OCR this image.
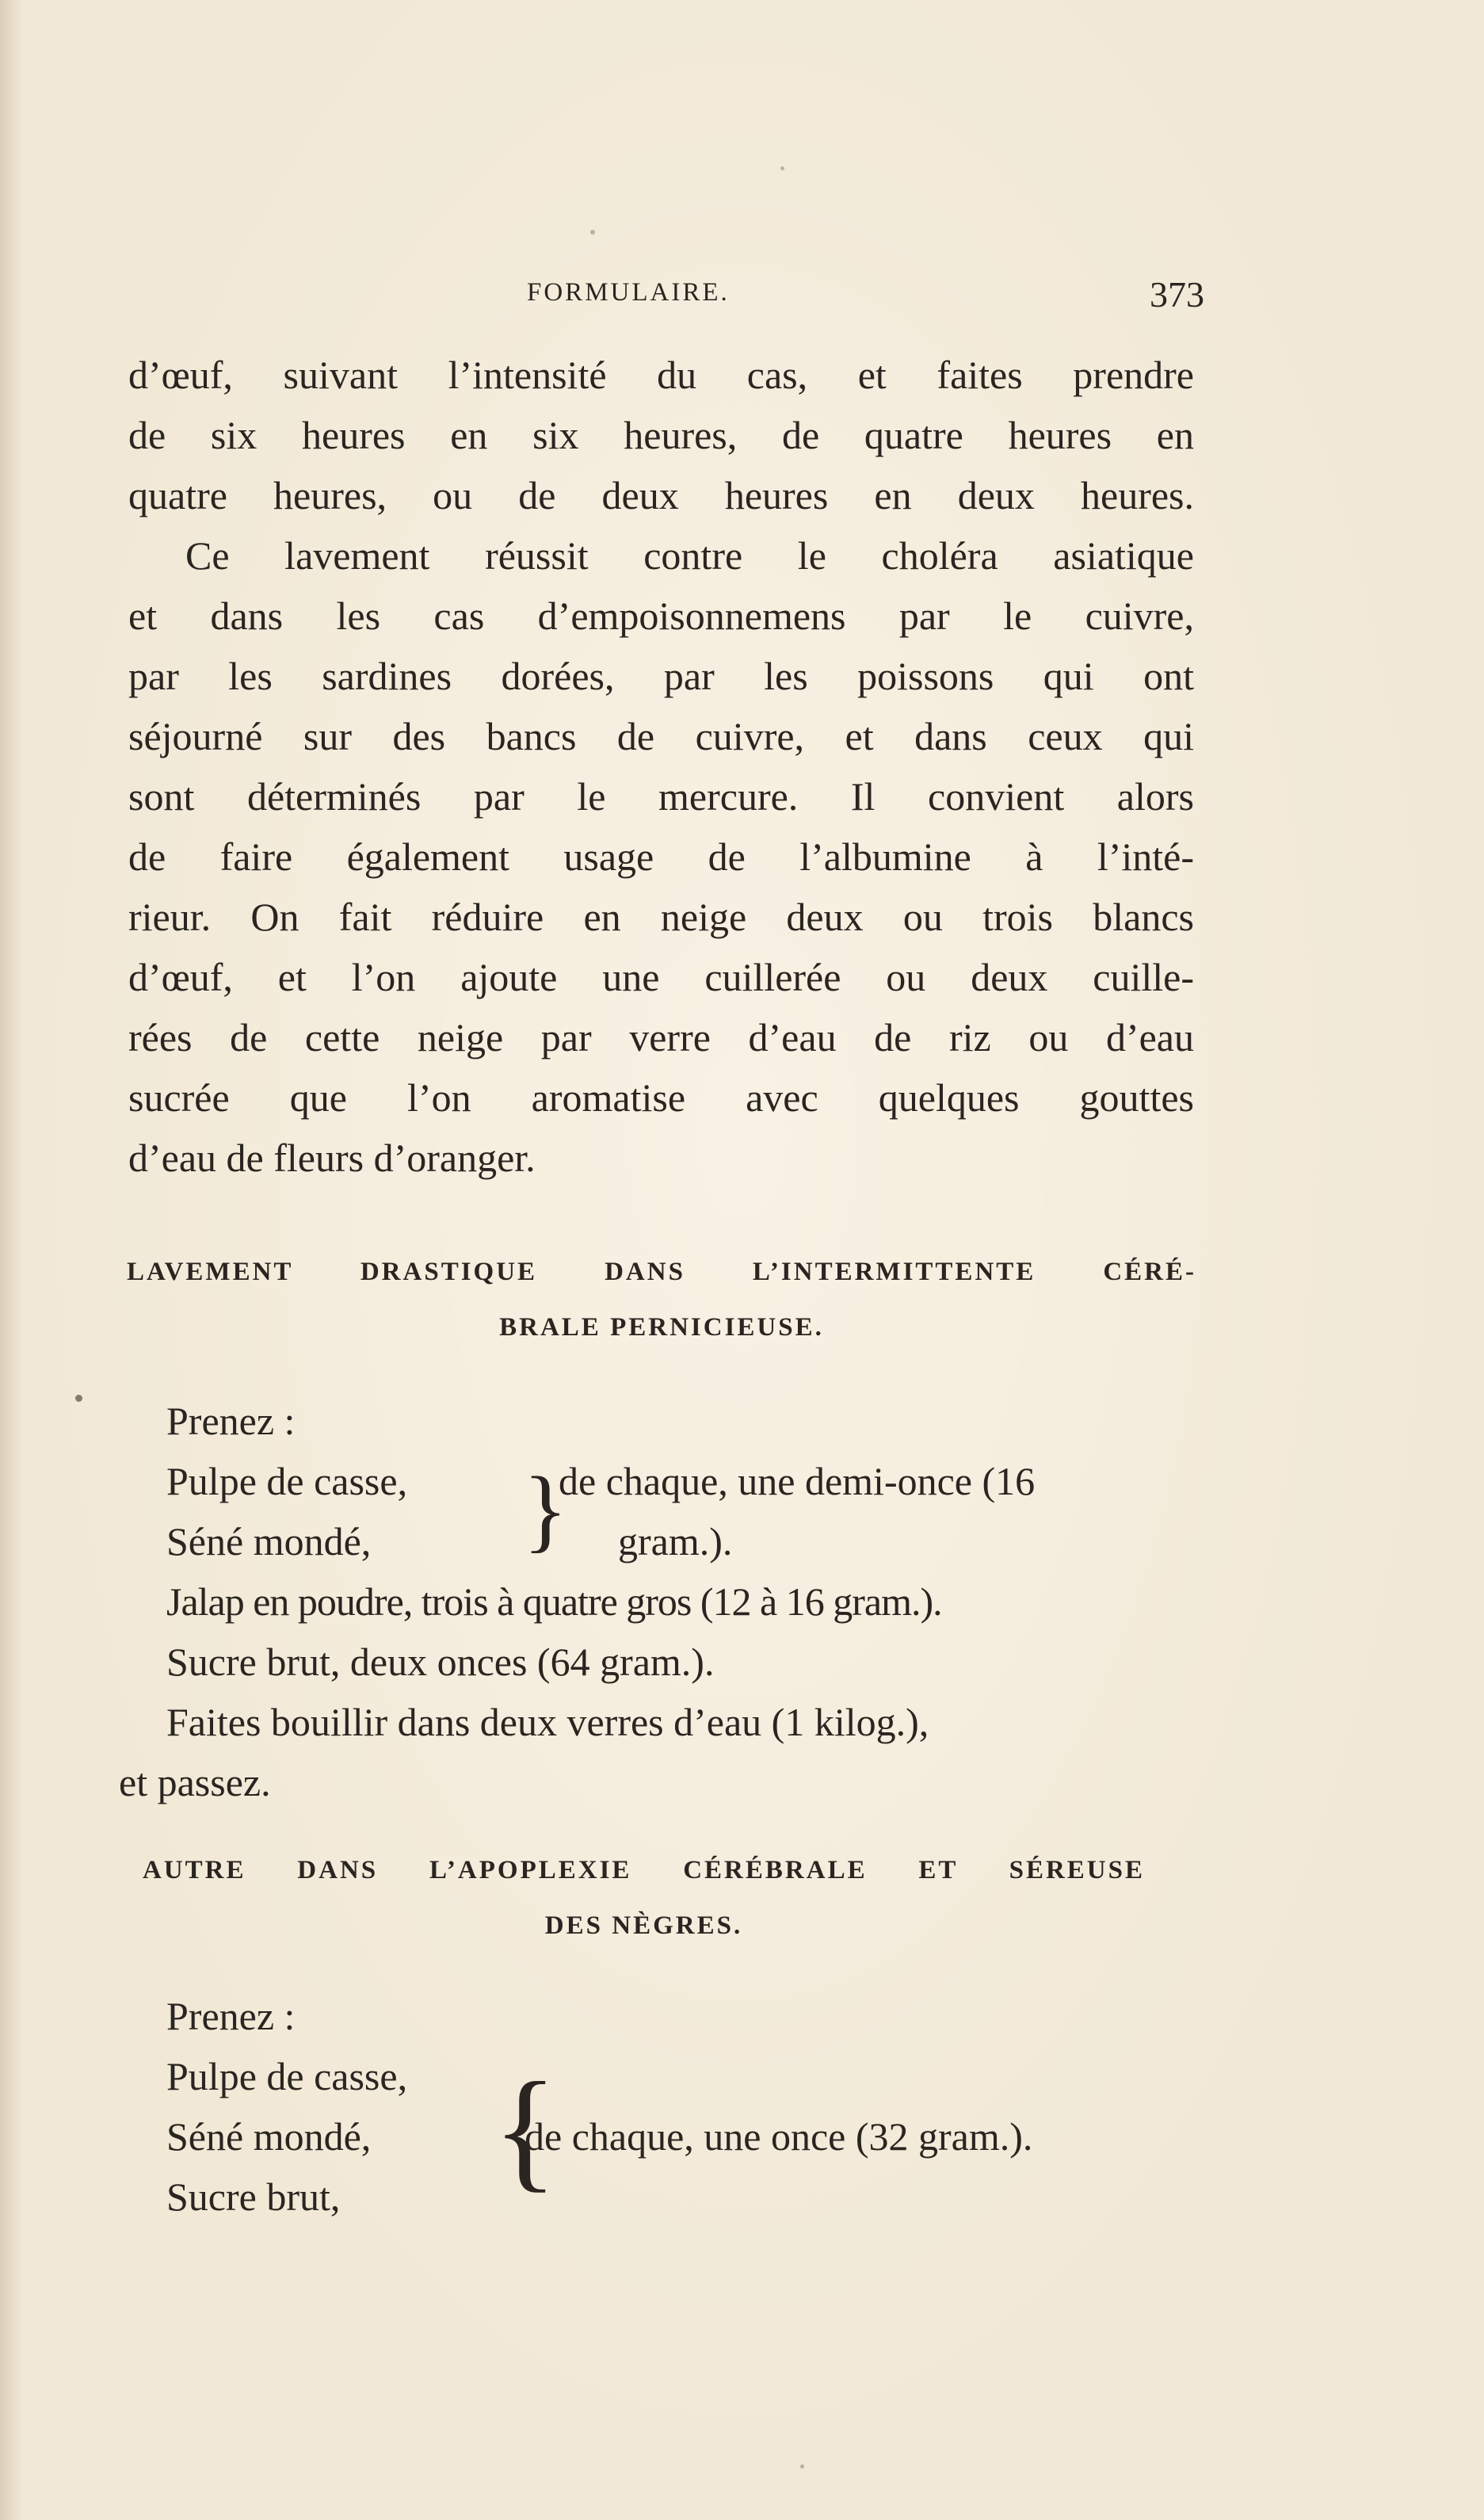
FORMULAIRE.	373
d’œuf, suivant l’intensité du cas, et faites prendre
de six heures en six heures, de quatre heures en
quatre heures, ou de deux heures en deux heures.
Ce lavement réussit contre le choléra asiatique
et dans les cas d’empoisonnemens par le cuivre,
par les sardines dorées, par les poissons qui ont
séjourné sur des bancs de cuivre, et dans ceux qui
sont déterminés par le mercure. Il convient alors
de faire également usage de l’albumine à l’inté-
rieur. On fait réduire en neige deux ou trois blancs
d’œuf, et l’on ajoute une cuillerée ou deux cuille-
rées de cette neige par verre d’eau de riz ou d’eau
sucrée que l’on aromatise avec quelques gouttes
d’eau de fleurs d’oranger.
LAVEMENT DRASTIQUE DANS L’INTERMITTENTE CÉRÉ-
BRALE PERNICIEUSE.
Prenez :
Pulpe de casse,
Séné mondé,	}
de chaque, une demi-once (16
gram.).
Jalap en poudre, trois à quatre gros (12 à 16 gram.).
Sucre brut, deux onces (64 gram.).
Faites bouillir dans deux verres d’eau (1 kilog.),
et passez.
AUTRE DANS L’APOPLEXIE CÉRÉBRALE ET SÉREUSE
DES NÈGRES.
Prenez :
Pulpe de casse,
Séné mondé,
Sucre brut,	{
de chaque, une once (32 gram.).
